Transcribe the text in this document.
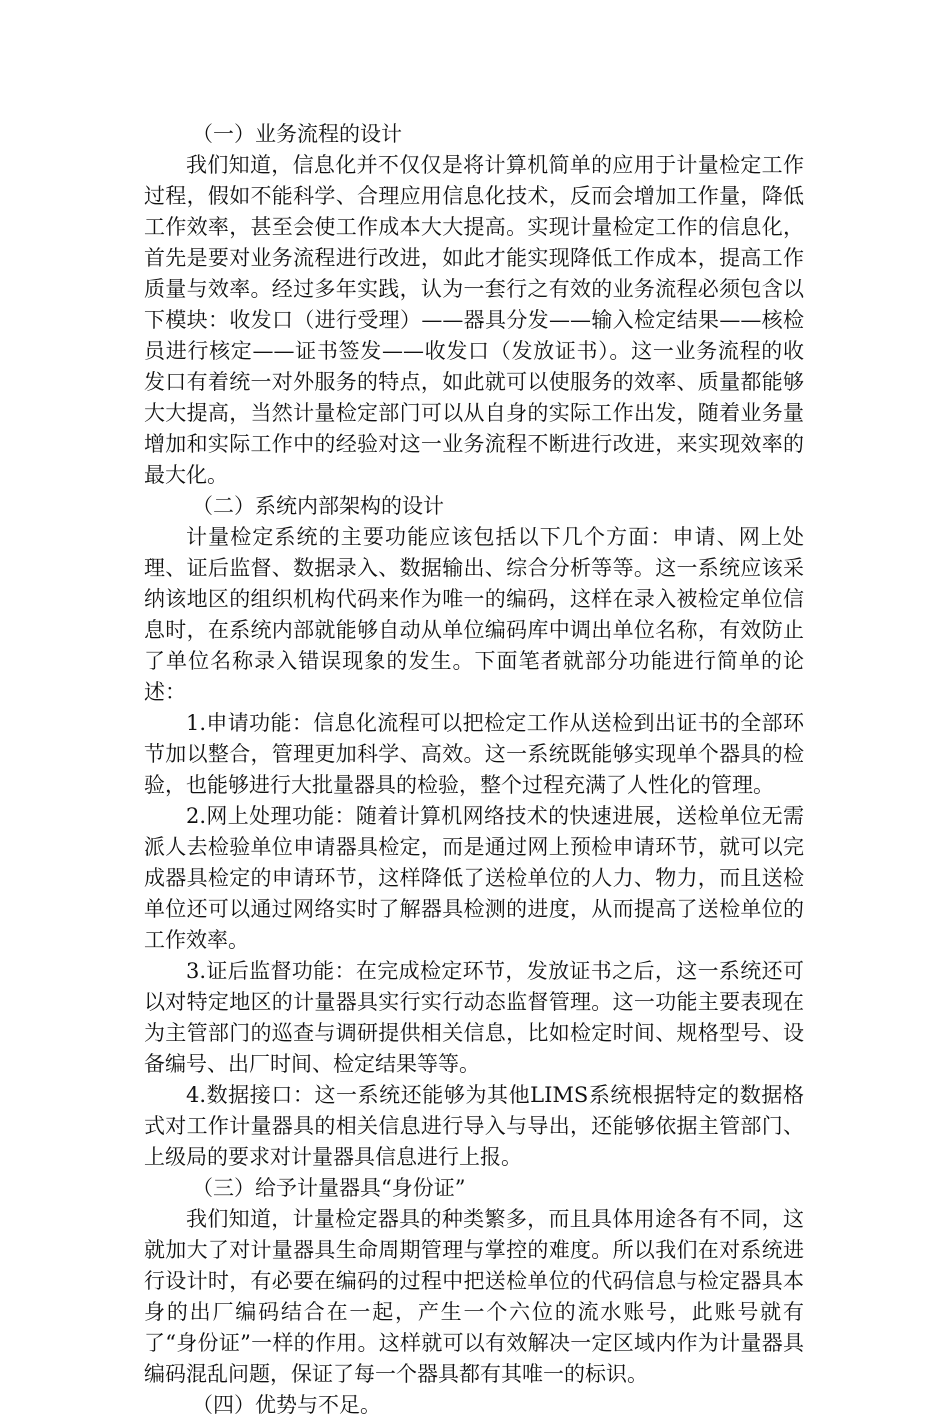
（一）业务流程的设计

我们知道，信息化并不仅仅是将计算机简单的应用于计量检定工作过程，假如不能科学、合理应用信息化技术，反而会增加工作量，降低工作效率，甚至会使工作成本大大提高。实现计量检定工作的信息化，首先是要对业务流程进行改进，如此才能实现降低工作成本，提高工作质量与效率。经过多年实践，认为一套行之有效的业务流程必须包含以下模块：收发口（进行受理）——器具分发——输入检定结果——核检员进行核定——证书签发——收发口（发放证书）。这一业务流程的收发口有着统一对外服务的特点，如此就可以使服务的效率、质量都能够大大提高，当然计量检定部门可以从自身的实际工作出发，随着业务量增加和实际工作中的经验对这一业务流程不断进行改进，来实现效率的最大化。

（二）系统内部架构的设计

计量检定系统的主要功能应该包括以下几个方面：申请、网上处理、证后监督、数据录入、数据输出、综合分析等等。这一系统应该采纳该地区的组织机构代码来作为唯一的编码，这样在录入被检定单位信息时，在系统内部就能够自动从单位编码库中调出单位名称，有效防止了单位名称录入错误现象的发生。下面笔者就部分功能进行简单的论述：

1.申请功能：信息化流程可以把检定工作从送检到出证书的全部环节加以整合，管理更加科学、高效。这一系统既能够实现单个器具的检验，也能够进行大批量器具的检验，整个过程充满了人性化的管理。

2.网上处理功能：随着计算机网络技术的快速进展，送检单位无需派人去检验单位申请器具检定，而是通过网上预检申请环节，就可以完成器具检定的申请环节，这样降低了送检单位的人力、物力，而且送检单位还可以通过网络实时了解器具检测的进度，从而提高了送检单位的工作效率。

3.证后监督功能：在完成检定环节，发放证书之后，这一系统还可以对特定地区的计量器具实行实行动态监督管理。这一功能主要表现在为主管部门的巡查与调研提供相关信息，比如检定时间、规格型号、设备编号、出厂时间、检定结果等等。

4.数据接口：这一系统还能够为其他LIMS系统根据特定的数据格式对工作计量器具的相关信息进行导入与导出，还能够依据主管部门、上级局的要求对计量器具信息进行上报。

（三）给予计量器具“身份证”

我们知道，计量检定器具的种类繁多，而且具体用途各有不同，这就加大了对计量器具生命周期管理与掌控的难度。所以我们在对系统进行设计时，有必要在编码的过程中把送检单位的代码信息与检定器具本身的出厂编码结合在一起，产生一个六位的流水账号，此账号就有了“身份证”一样的作用。这样就可以有效解决一定区域内作为计量器具编码混乱问题，保证了每一个器具都有其唯一的标识。

（四）优势与不足。
